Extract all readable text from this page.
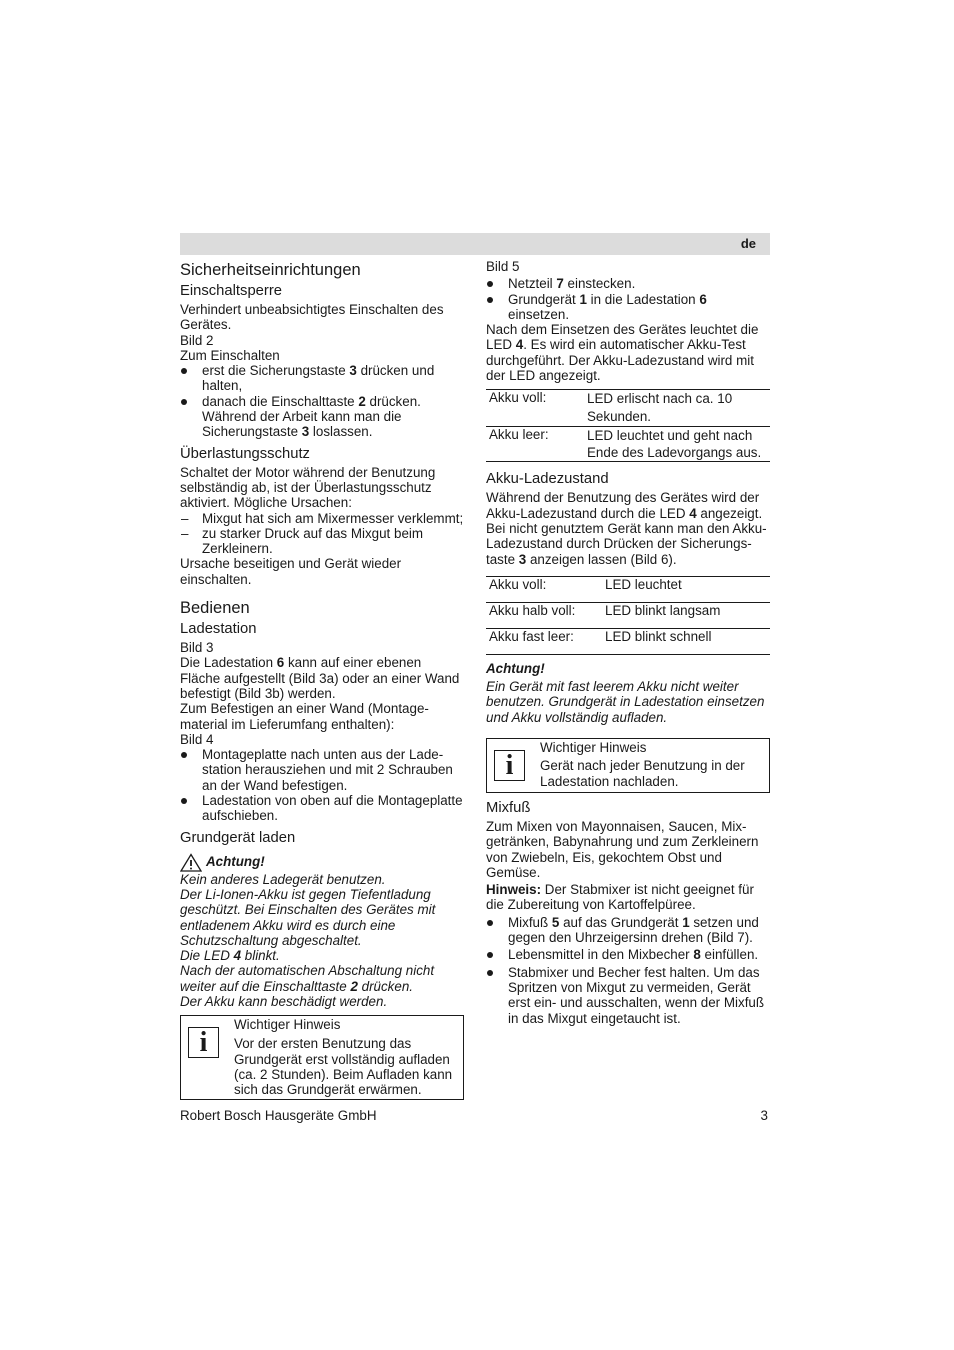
de
Sicherheitseinrichtungen
Einschaltsperre

Verhindert unbeabsichtigtes Einschalten des Gerätes.

Bild 2

Zum Einschalten

erst die Sicherungstaste 3 drücken und halten,
danach die Einschalttaste 2 drücken. Während der Arbeit kann man die Sicherungstaste 3 loslassen.
Überlastungsschutz

Schaltet der Motor während der Benutzung selbständig ab, ist der Überlastungsschutz aktiviert. Mögliche Ursachen:

– Mixgut hat sich am Mixermesser verklemmt;
– zu starker Druck auf das Mixgut beim Zerkleinern.

Ursache beseitigen und Gerät wieder einschalten.

Bedienen
Ladestation

Bild 3

Die Ladestation 6 kann auf einer ebenen Fläche aufgestellt (Bild 3a) oder an einer Wand befestigt (Bild 3b) werden.

Zum Befestigen an einer Wand (Montage-material im Lieferumfang enthalten):

Bild 4

Montageplatte nach unten aus der Lade-station herausziehen und mit 2 Schrauben an der Wand befestigen.
Ladestation von oben auf die Montageplatte aufschieben.
Grundgerät laden
Achtung!

Kein anderes Ladegerät benutzen.

Der Li-Ionen-Akku ist gegen Tiefentladung geschützt. Bei Einschalten des Gerätes mit entladenem Akku wird es durch eine Schutzschaltung abgeschaltet.

Die LED 4 blinkt.

Nach der automatischen Abschaltung nicht weiter auf die Einschalttaste 2 drücken.

Der Akku kann beschädigt werden.

i
Wichtiger Hinweis
Vor der ersten Benutzung das Grundgerät erst vollständig aufladen (ca. 2 Stunden). Beim Aufladen kann sich das Grundgerät erwärmen.

Bild 5

Netzteil 7 einstecken.
Grundgerät 1 in die Ladestation 6 einsetzen.

Nach dem Einsetzen des Gerätes leuchtet die LED 4. Es wird ein automatischer Akku-Test durchgeführt. Der Akku-Ladezustand wird mit der LED angezeigt.

Akku voll:	LED erlischt nach ca. 10 Sekunden.
Akku leer:	LED leuchtet und geht nach Ende des Ladevorgangs aus.
Akku-Ladezustand

Während der Benutzung des Gerätes wird der Akku-Ladezustand durch die LED 4 angezeigt. Bei nicht genutztem Gerät kann man den Akku-Ladezustand durch Drücken der Sicherungs-taste 3 anzeigen lassen (Bild 6).

Akku voll:	LED leuchtet
Akku halb voll:	LED blinkt langsam
Akku fast leer:	LED blinkt schnell

Achtung!

Ein Gerät mit fast leerem Akku nicht weiter benutzen. Grundgerät in Ladestation einsetzen und Akku vollständig aufladen.

i
Wichtiger Hinweis
Gerät nach jeder Benutzung in der Ladestation nachladen.
Mixfuß

Zum Mixen von Mayonnaisen, Saucen, Mix-getränken, Babynahrung und zum Zerkleinern von Zwiebeln, Eis, gekochtem Obst und Gemüse.

Hinweis: Der Stabmixer ist nicht geeignet für die Zubereitung von Kartoffelpüree.

Mixfuß 5 auf das Grundgerät 1 setzen und gegen den Uhrzeigersinn drehen (Bild 7).
Lebensmittel in den Mixbecher 8 einfüllen.
Stabmixer und Becher fest halten. Um das Spritzen von Mixgut zu vermeiden, Gerät erst ein- und ausschalten, wenn der Mixfuß in das Mixgut eingetaucht ist.
Robert Bosch Hausgeräte GmbH	3
